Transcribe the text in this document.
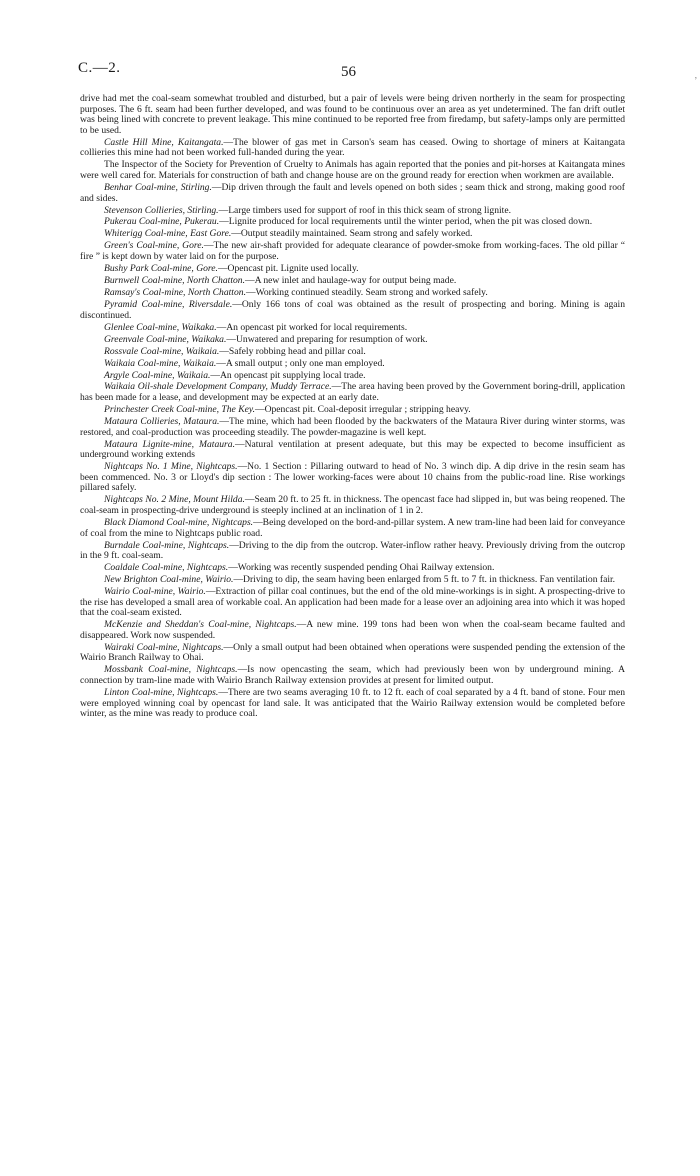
C.—2.	56	,

drive had met the coal-seam somewhat troubled and disturbed, but a pair of levels were being driven northerly in the seam for prospecting purposes. The 6 ft. seam had been further developed, and was found to be continuous over an area as yet undetermined. The fan drift outlet was being lined with concrete to prevent leakage. This mine continued to be reported free from firedamp, but safety-lamps only are permitted to be used.

Castle Hill Mine, Kaitangata.—The blower of gas met in Carson's seam has ceased. Owing to shortage of miners at Kaitangata collieries this mine had not been worked full-handed during the year.

The Inspector of the Society for Prevention of Cruelty to Animals has again reported that the ponies and pit-horses at Kaitangata mines were well cared for. Materials for construction of bath and change house are on the ground ready for erection when workmen are available.

Benhar Coal-mine, Stirling.—Dip driven through the fault and levels opened on both sides ; seam thick and strong, making good roof and sides.

Stevenson Collieries, Stirling.—Large timbers used for support of roof in this thick seam of strong lignite.

Pukerau Coal-mine, Pukerau.—Lignite produced for local requirements until the winter period, when the pit was closed down.

Whiterigg Coal-mine, East Gore.—Output steadily maintained. Seam strong and safely worked.

Green's Coal-mine, Gore.—The new air-shaft provided for adequate clearance of powder-smoke from working-faces. The old pillar “ fire ” is kept down by water laid on for the purpose.

Bushy Park Coal-mine, Gore.—Opencast pit. Lignite used locally.

Burnwell Coal-mine, North Chatton.—A new inlet and haulage-way for output being made.

Ramsay's Coal-mine, North Chatton.—Working continued steadily. Seam strong and worked safely.

Pyramid Coal-mine, Riversdale.—Only 166 tons of coal was obtained as the result of prospecting and boring. Mining is again discontinued.

Glenlee Coal-mine, Waikaka.—An opencast pit worked for local requirements.

Greenvale Coal-mine, Waikaka.—Unwatered and preparing for resumption of work.

Rossvale Coal-mine, Waikaia.—Safely robbing head and pillar coal.

Waikaia Coal-mine, Waikaia.—A small output ; only one man employed.

Argyle Coal-mine, Waikaia.—An opencast pit supplying local trade.

Waikaia Oil-shale Development Company, Muddy Terrace.—The area having been proved by the Government boring-drill, application has been made for a lease, and development may be expected at an early date.

Princhester Creek Coal-mine, The Key.—Opencast pit. Coal-deposit irregular ; stripping heavy.

Mataura Collieries, Mataura.—The mine, which had been flooded by the backwaters of the Mataura River during winter storms, was restored, and coal-production was proceeding steadily. The powder-magazine is well kept.

Mataura Lignite-mine, Mataura.—Natural ventilation at present adequate, but this may be expected to become insufficient as underground working extends

Nightcaps No. 1 Mine, Nightcaps.—No. 1 Section : Pillaring outward to head of No. 3 winch dip. A dip drive in the resin seam has been commenced. No. 3 or Lloyd's dip section : The lower working-faces were about 10 chains from the public-road line. Rise workings pillared safely.

Nightcaps No. 2 Mine, Mount Hilda.—Seam 20 ft. to 25 ft. in thickness. The opencast face had slipped in, but was being reopened. The coal-seam in prospecting-drive underground is steeply inclined at an inclination of 1 in 2.

Black Diamond Coal-mine, Nightcaps.—Being developed on the bord-and-pillar system. A new tram-line had been laid for conveyance of coal from the mine to Nightcaps public road.

Burndale Coal-mine, Nightcaps.—Driving to the dip from the outcrop. Water-inflow rather heavy. Previously driving from the outcrop in the 9 ft. coal-seam.

Coaldale Coal-mine, Nightcaps.—Working was recently suspended pending Ohai Railway extension.

New Brighton Coal-mine, Wairio.—Driving to dip, the seam having been enlarged from 5 ft. to 7 ft. in thickness. Fan ventilation fair.

Wairio Coal-mine, Wairio.—Extraction of pillar coal continues, but the end of the old mine-workings is in sight. A prospecting-drive to the rise has developed a small area of workable coal. An application had been made for a lease over an adjoining area into which it was hoped that the coal-seam existed.

McKenzie and Sheddan's Coal-mine, Nightcaps.—A new mine. 199 tons had been won when the coal-seam became faulted and disappeared. Work now suspended.

Wairaki Coal-mine, Nightcaps.—Only a small output had been obtained when operations were suspended pending the extension of the Wairio Branch Railway to Ohai.

Mossbank Coal-mine, Nightcaps.—Is now opencasting the seam, which had previously been won by underground mining. A connection by tram-line made with Wairio Branch Railway extension provides at present for limited output.

Linton Coal-mine, Nightcaps.—There are two seams averaging 10 ft. to 12 ft. each of coal separated by a 4 ft. band of stone. Four men were employed winning coal by opencast for land sale. It was anticipated that the Wairio Railway extension would be completed before winter, as the mine was ready to produce coal.
